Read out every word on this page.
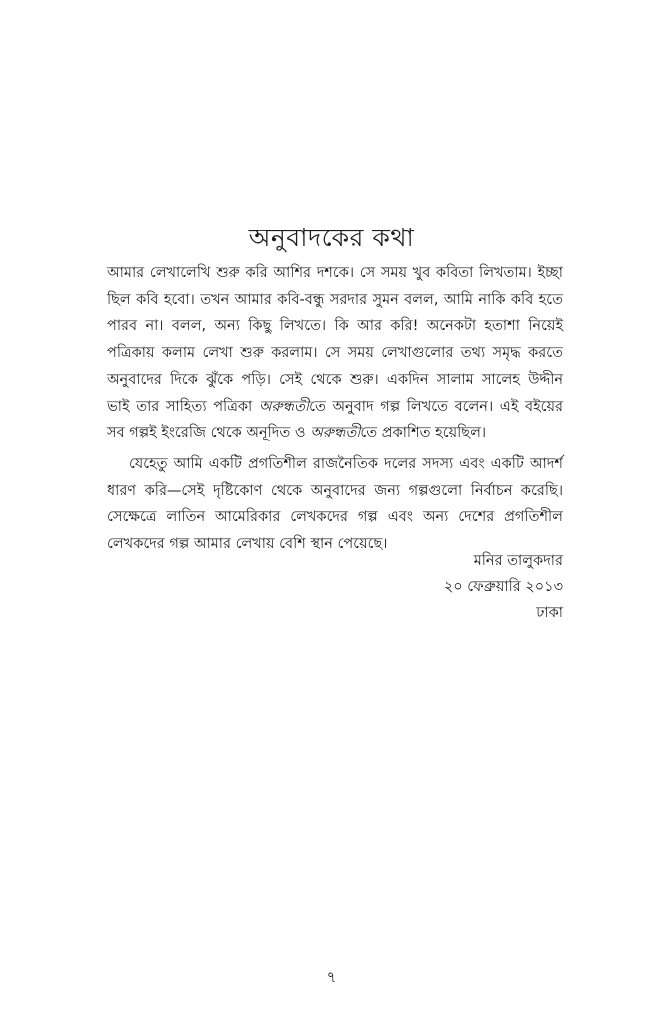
অনুবাদকের কথা

আমার লেখালেখি শুরু করি আশির দশকে। সে সময় খুব কবিতা লিখতাম। ইচ্ছা
ছিল কবি হবো। তখন আমার কবি-বন্ধু সরদার সুমন বলল, আমি নাকি কবি হতে
পারব না। বলল, অন্য কিছু লিখতে। কি আর করি! অনেকটা হতাশা নিয়েই
পত্রিকায় কলাম লেখা শুরু করলাম। সে সময় লেখাগুলোর তথ্য সমৃদ্ধ করতে
অনুবাদের দিকে ঝুঁকে পড়ি। সেই থেকে শুরু। একদিন সালাম সালেহ উদ্দীন
ভাই তার সাহিত্য পত্রিকা অরুন্ধতীতে অনুবাদ গল্প লিখতে বলেন। এই বইয়ের
সব গল্পই ইংরেজি থেকে অনূদিত ও অরুন্ধতীতে প্রকাশিত হয়েছিল।

যেহেতু আমি একটি প্রগতিশীল রাজনৈতিক দলের সদস্য এবং একটি আদর্শ
ধারণ করি—সেই দৃষ্টিকোণ থেকে অনুবাদের জন্য গল্পগুলো নির্বাচন করেছি।
সেক্ষেত্রে লাতিন আমেরিকার লেখকদের গল্প এবং অন্য দেশের প্রগতিশীল
লেখকদের গল্প আমার লেখায় বেশি স্থান পেয়েছে।

মনির তালুকদার
২০ ফেব্রুয়ারি ২০১৩
ঢাকা
৭
